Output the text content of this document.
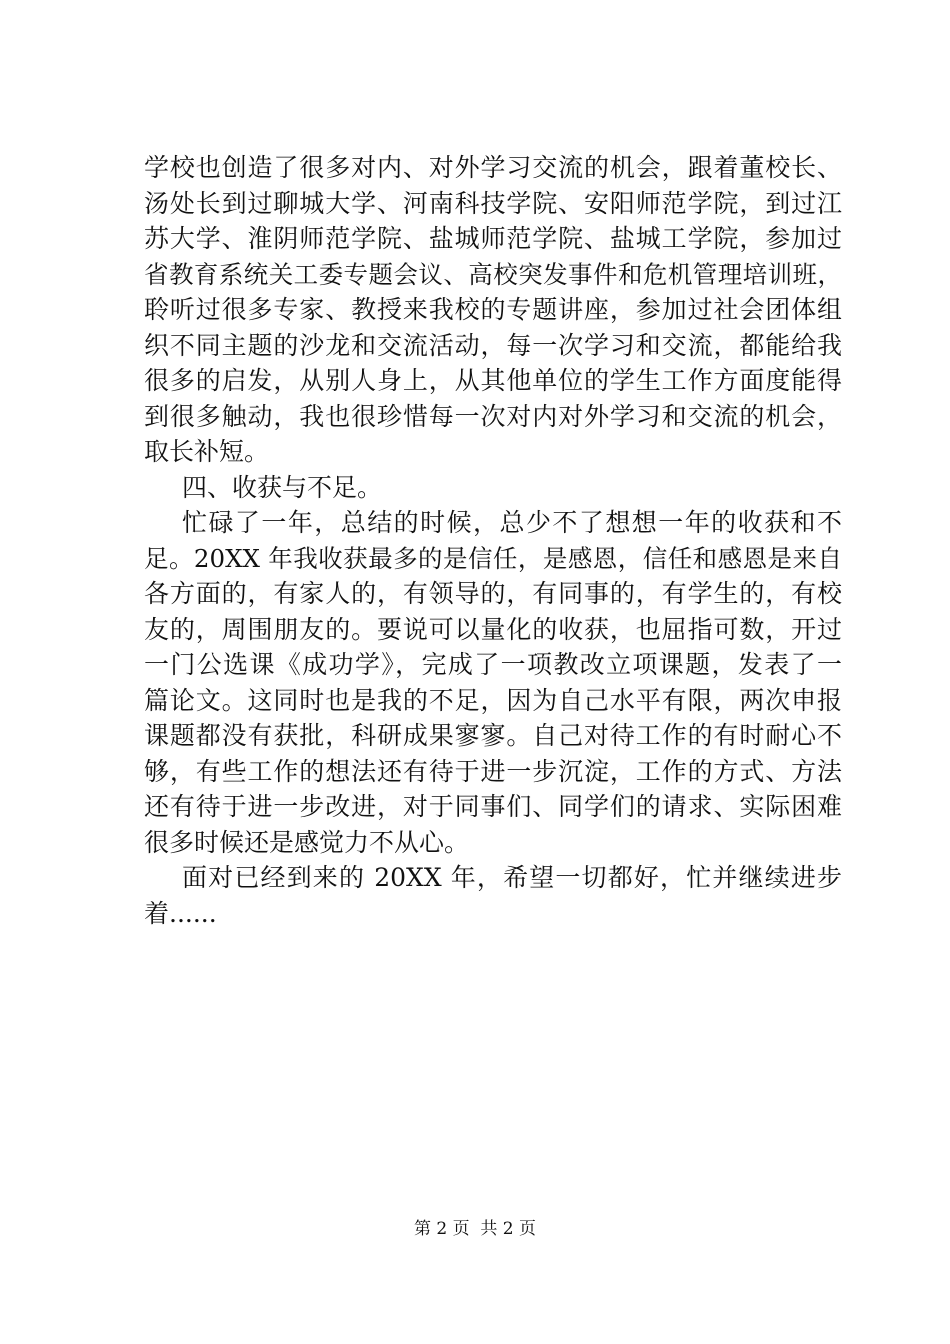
学校也创造了很多对内、对外学习交流的机会，跟着董校长、
汤处长到过聊城大学、河南科技学院、安阳师范学院，到过江
苏大学、淮阴师范学院、盐城师范学院、盐城工学院，参加过
省教育系统关工委专题会议、高校突发事件和危机管理培训班，
聆听过很多专家、教授来我校的专题讲座，参加过社会团体组
织不同主题的沙龙和交流活动，每一次学习和交流，都能给我
很多的启发，从别人身上，从其他单位的学生工作方面度能得
到很多触动，我也很珍惜每一次对内对外学习和交流的机会，
取长补短。
四、收获与不足。
忙碌了一年，总结的时候，总少不了想想一年的收获和不
足。20XX 年我收获最多的是信任，是感恩，信任和感恩是来自
各方面的，有家人的，有领导的，有同事的，有学生的，有校
友的，周围朋友的。要说可以量化的收获，也屈指可数，开过
一门公选课《成功学》，完成了一项教改立项课题，发表了一
篇论文。这同时也是我的不足，因为自己水平有限，两次申报
课题都没有获批，科研成果寥寥。自己对待工作的有时耐心不
够，有些工作的想法还有待于进一步沉淀，工作的方式、方法
还有待于进一步改进，对于同事们、同学们的请求、实际困难
很多时候还是感觉力不从心。
面对已经到来的 20XX 年，希望一切都好，忙并继续进步
着......
第 2 页  共 2 页
